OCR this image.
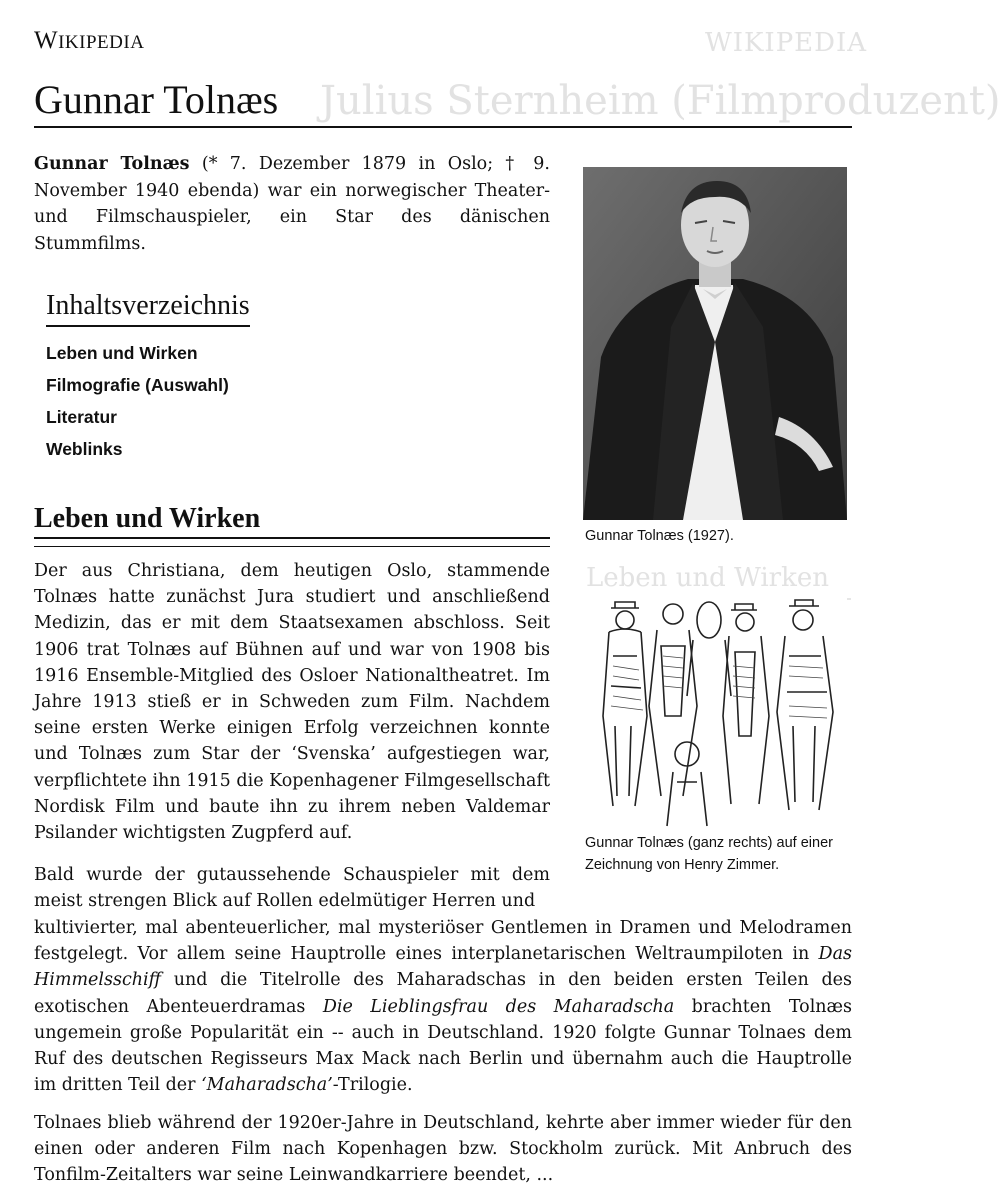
WIKIPEDIA
Julius Sternheim (Filmproduzent)
Leben und Wirken
WIKIPEDIA
Gunnar Tolnæs

Gunnar Tolnæs (* 7. Dezember 1879 in Oslo; † 9. November 1940 ebenda) war ein norwegischer Theater- und Filmschauspieler, ein Star des dänischen Stummfilms.

Inhaltsverzeichnis
Leben und Wirken
Filmografie (Auswahl)
Literatur
Weblinks
Leben und Wirken

Der aus Christiana, dem heutigen Oslo, stammende Tolnæs hatte zunächst Jura studiert und anschließend Medizin, das er mit dem Staatsexamen abschloss. Seit 1906 trat Tolnæs auf Bühnen auf und war von 1908 bis 1916 Ensemble-Mitglied des Osloer Nationaltheatret. Im Jahre 1913 stieß er in Schweden zum Film. Nachdem seine ersten Werke einigen Erfolg verzeichnen konnte und Tolnæs zum Star der ‘Svenska’ aufgestiegen war, verpflichtete ihn 1915 die Kopenhagener Filmgesellschaft Nordisk Film und baute ihn zu ihrem neben Valdemar Psilander wichtigsten Zugpferd auf.

Bald wurde der gutaussehende Schauspieler mit dem meist strengen Blick auf Rollen edelmütiger Herren und

kultivierter, mal abenteuerlicher, mal mysteriöser Gentlemen in Dramen und Melodramen festgelegt. Vor allem seine Hauptrolle eines interplanetarischen Weltraumpiloten in Das Himmelsschiff und die Titelrolle des Maharadschas in den beiden ersten Teilen des exotischen Abenteuerdramas Die Lieblingsfrau des Maharadscha brachten Tolnæs ungemein große Popularität ein -- auch in Deutschland. 1920 folgte Gunnar Tolnaes dem Ruf des deutschen Regisseurs Max Mack nach Berlin und übernahm auch die Hauptrolle im dritten Teil der ‘Maharadscha’-Trilogie.

Tolnaes blieb während der 1920er-Jahre in Deutschland, kehrte aber immer wieder für den einen oder anderen Film nach Kopenhagen bzw. Stockholm zurück. Mit Anbruch des Tonfilm-Zeitalters war seine Leinwandkarriere beendet, ...

Gunnar Tolnæs (1927).
Gunnar Tolnæs (ganz rechts) auf einer Zeichnung von Henry Zimmer.
